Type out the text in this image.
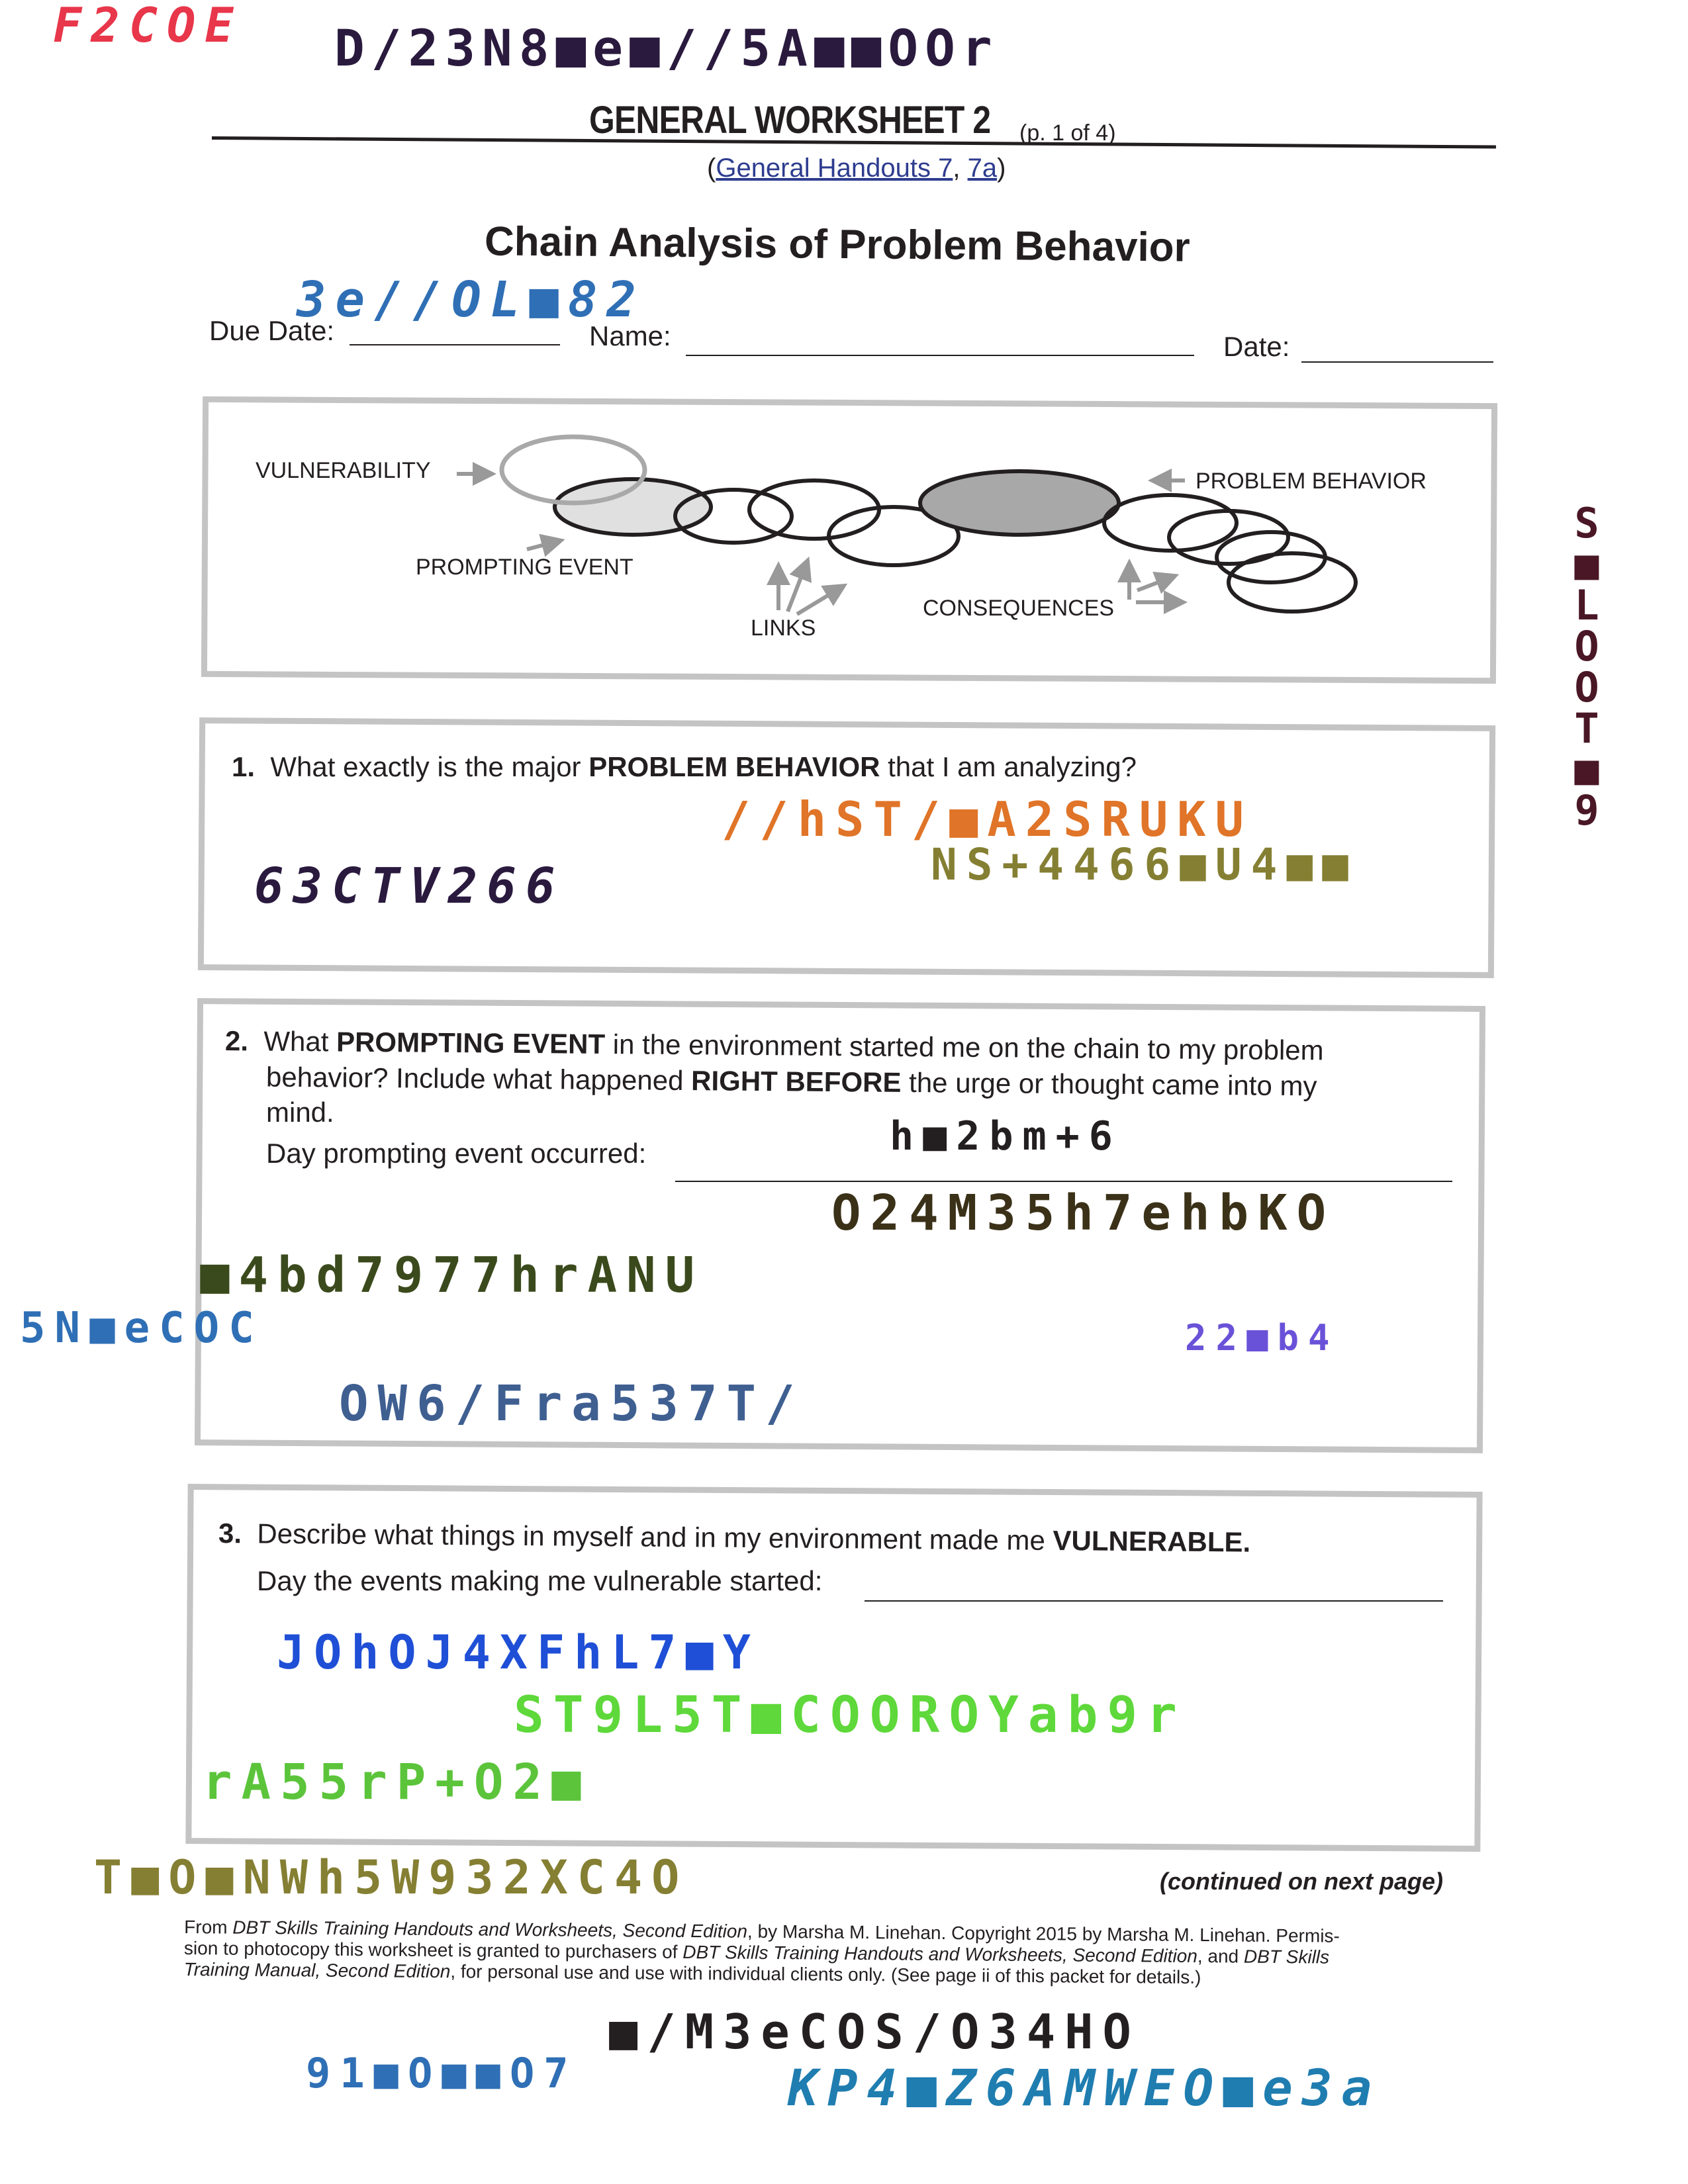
F2COE D/23N8■e■//5A■■OOr
GENERAL WORKSHEET 2 (p. 1 of 4)
(General Handouts 7, 7a)
Chain Analysis of Problem Behavior
3e//OL■82
Due Date:	Name:	Date:
VULNERABILITY
PROMPTING EVENT
LINKS
CONSEQUENCES
PROBLEM BEHAVIOR
S
■
L
O
O
T
■
9
1. What exactly is the major PROBLEM BEHAVIOR that I am analyzing?
//hST/■A2SRUKU
NS+4466■U4■■
63CTV266
2. What PROMPTING EVENT in the environment started me on the chain to my problem
behavior? Include what happened RIGHT BEFORE the urge or thought came into my
mind.
Day prompting event occurred:	h■2bm+6
O24M35h7ehbKO
■4bd7977hrANU
5N■eCOC	22■b4
OW6/Fra537T/
3. Describe what things in myself and in my environment made me VULNERABLE.
Day the events making me vulnerable started:
JOhOJ4XFhL7■Y
ST9L5T■COOROYab9r
rA55rP+O2■
T■O■NWh5W932XC4O	(continued on next page)
From DBT Skills Training Handouts and Worksheets, Second Edition, by Marsha M. Linehan. Copyright 2015 by Marsha M. Linehan. Permis-
sion to photocopy this worksheet is granted to purchasers of DBT Skills Training Handouts and Worksheets, Second Edition, and DBT Skills
Training Manual, Second Edition, for personal use and use with individual clients only. (See page ii of this packet for details.)
■/M3eCOS/O34HO
91■O■■O7	KP4■Z6AMWEO■e3a
